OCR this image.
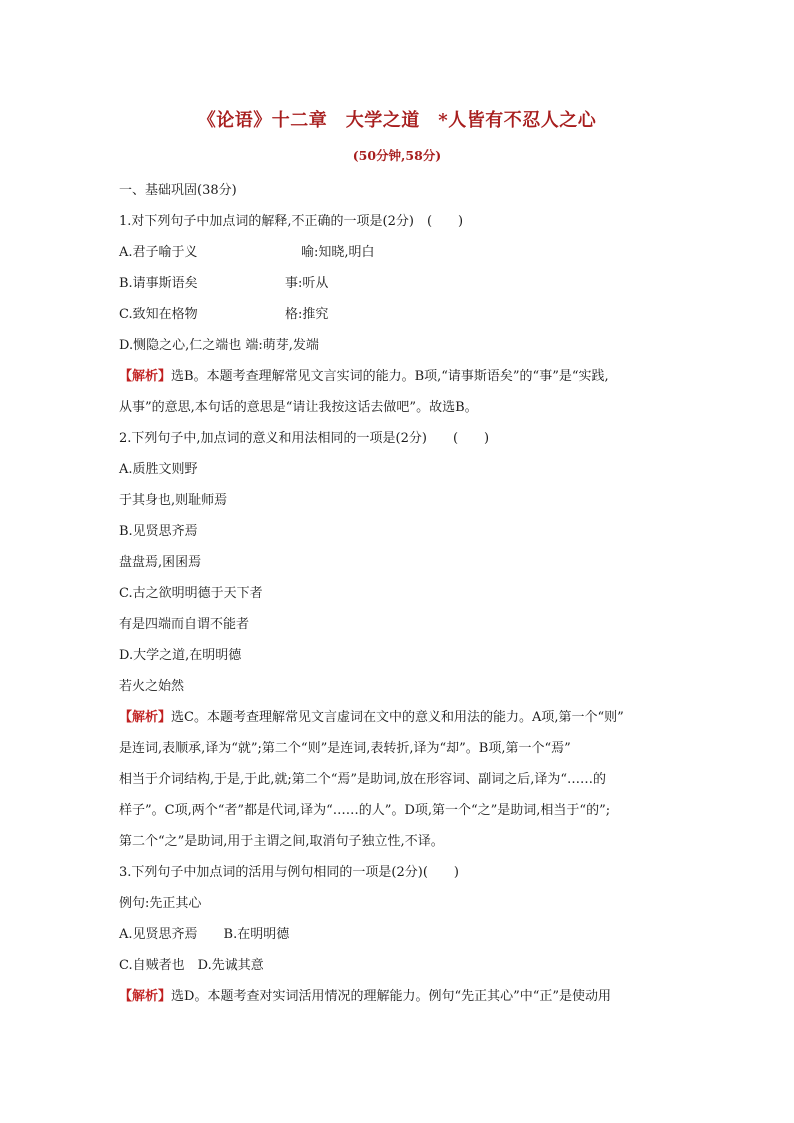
《论语》十二章　大学之道　*人皆有不忍人之心
(50分钟,58分)
一、基础巩固(38分)
1.对下列句子中加点词的解释,不正确的一项是(2分)　(　　)
A.君子喻于义	喻:知晓,明白
B.请事斯语矣	事:听从
C.致知在格物	格:推究
D.恻隐之心,仁之端也 端:萌芽,发端
【解析】选B。本题考查理解常见文言实词的能力。B项,“请事斯语矣”的“事”是“实践,
从事”的意思,本句话的意思是“请让我按这话去做吧”。故选B。
2.下列句子中,加点词的意义和用法相同的一项是(2分)　　(　　)
A.质胜文则野
于其身也,则耻师焉
B.见贤思齐焉
盘盘焉,囷囷焉
C.古之欲明明德于天下者
有是四端而自谓不能者
D.大学之道,在明明德
若火之始然
【解析】选C。本题考查理解常见文言虚词在文中的意义和用法的能力。A项,第一个“则”
是连词,表顺承,译为“就”;第二个“则”是连词,表转折,译为“却”。B项,第一个“焉”
相当于介词结构,于是,于此,就;第二个“焉”是助词,放在形容词、副词之后,译为“……的
样子”。C项,两个“者”都是代词,译为“……的人”。D项,第一个“之”是助词,相当于“的”;
第二个“之”是助词,用于主谓之间,取消句子独立性,不译。
3.下列句子中加点词的活用与例句相同的一项是(2分)(　　)
例句:先正其心
A.见贤思齐焉　　B.在明明德
C.自贼者也　D.先诚其意
【解析】选D。本题考查对实词活用情况的理解能力。例句“先正其心”中“正”是使动用
